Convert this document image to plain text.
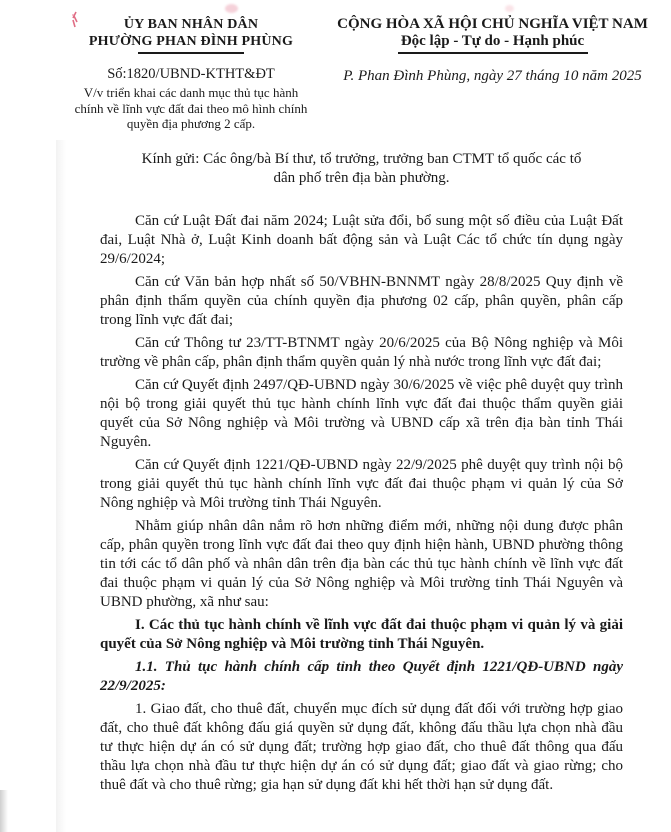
ỦY BAN NHÂN DÂN
PHƯỜNG PHAN ĐÌNH PHÙNG
Số:1820/UBND-KTHT&ĐT
V/v triển khai các danh mục thủ tục hành chính về lĩnh vực đất đai theo mô hình chính quyền địa phương 2 cấp.
CỘNG HÒA XÃ HỘI CHỦ NGHĨA VIỆT NAM
Độc lập - Tự do - Hạnh phúc
P. Phan Đình Phùng, ngày 27 tháng 10 năm 2025

Kính gửi: Các ông/bà Bí thư, tổ trưởng, trưởng ban CTMT tổ quốc các tổ
dân phố trên địa bàn phường.

Căn cứ Luật Đất đai năm 2024; Luật sửa đổi, bổ sung một số điều của Luật Đất đai, Luật Nhà ở, Luật Kinh doanh bất động sản và Luật Các tổ chức tín dụng ngày 29/6/2024;

Căn cứ Văn bản hợp nhất số 50/VBHN-BNNMT ngày 28/8/2025 Quy định về phân định thẩm quyền của chính quyền địa phương 02 cấp, phân quyền, phân cấp trong lĩnh vực đất đai;

Căn cứ Thông tư 23/TT-BTNMT ngày 20/6/2025 của Bộ Nông nghiệp và Môi trường về phân cấp, phân định thẩm quyền quản lý nhà nước trong lĩnh vực đất đai;

Căn cứ Quyết định 2497/QĐ-UBND ngày 30/6/2025 về việc phê duyệt quy trình nội bộ trong giải quyết thủ tục hành chính lĩnh vực đất đai thuộc thẩm quyền giải quyết của Sở Nông nghiệp và Môi trường và UBND cấp xã trên địa bàn tỉnh Thái Nguyên.

Căn cứ Quyết định 1221/QĐ-UBND ngày 22/9/2025 phê duyệt quy trình nội bộ trong giải quyết thủ tục hành chính lĩnh vực đất đai thuộc phạm vi quản lý của Sở Nông nghiệp và Môi trường tỉnh Thái Nguyên.

Nhằm giúp nhân dân nắm rõ hơn những điểm mới, những nội dung được phân cấp, phân quyền trong lĩnh vực đất đai theo quy định hiện hành, UBND phường thông tin tới các tổ dân phố và nhân dân trên địa bàn các thủ tục hành chính về lĩnh vực đất đai thuộc phạm vi quản lý của Sở Nông nghiệp và Môi trường tỉnh Thái Nguyên và UBND phường, xã như sau:

I. Các thủ tục hành chính về lĩnh vực đất đai thuộc phạm vi quản lý và giải quyết của Sở Nông nghiệp và Môi trường tỉnh Thái Nguyên.

1.1. Thủ tục hành chính cấp tỉnh theo Quyết định 1221/QĐ-UBND ngày 22/9/2025:

1. Giao đất, cho thuê đất, chuyển mục đích sử dụng đất đối với trường hợp giao đất, cho thuê đất không đấu giá quyền sử dụng đất, không đấu thầu lựa chọn nhà đầu tư thực hiện dự án có sử dụng đất; trường hợp giao đất, cho thuê đất thông qua đấu thầu lựa chọn nhà đầu tư thực hiện dự án có sử dụng đất; giao đất và giao rừng; cho thuê đất và cho thuê rừng; gia hạn sử dụng đất khi hết thời hạn sử dụng đất.
